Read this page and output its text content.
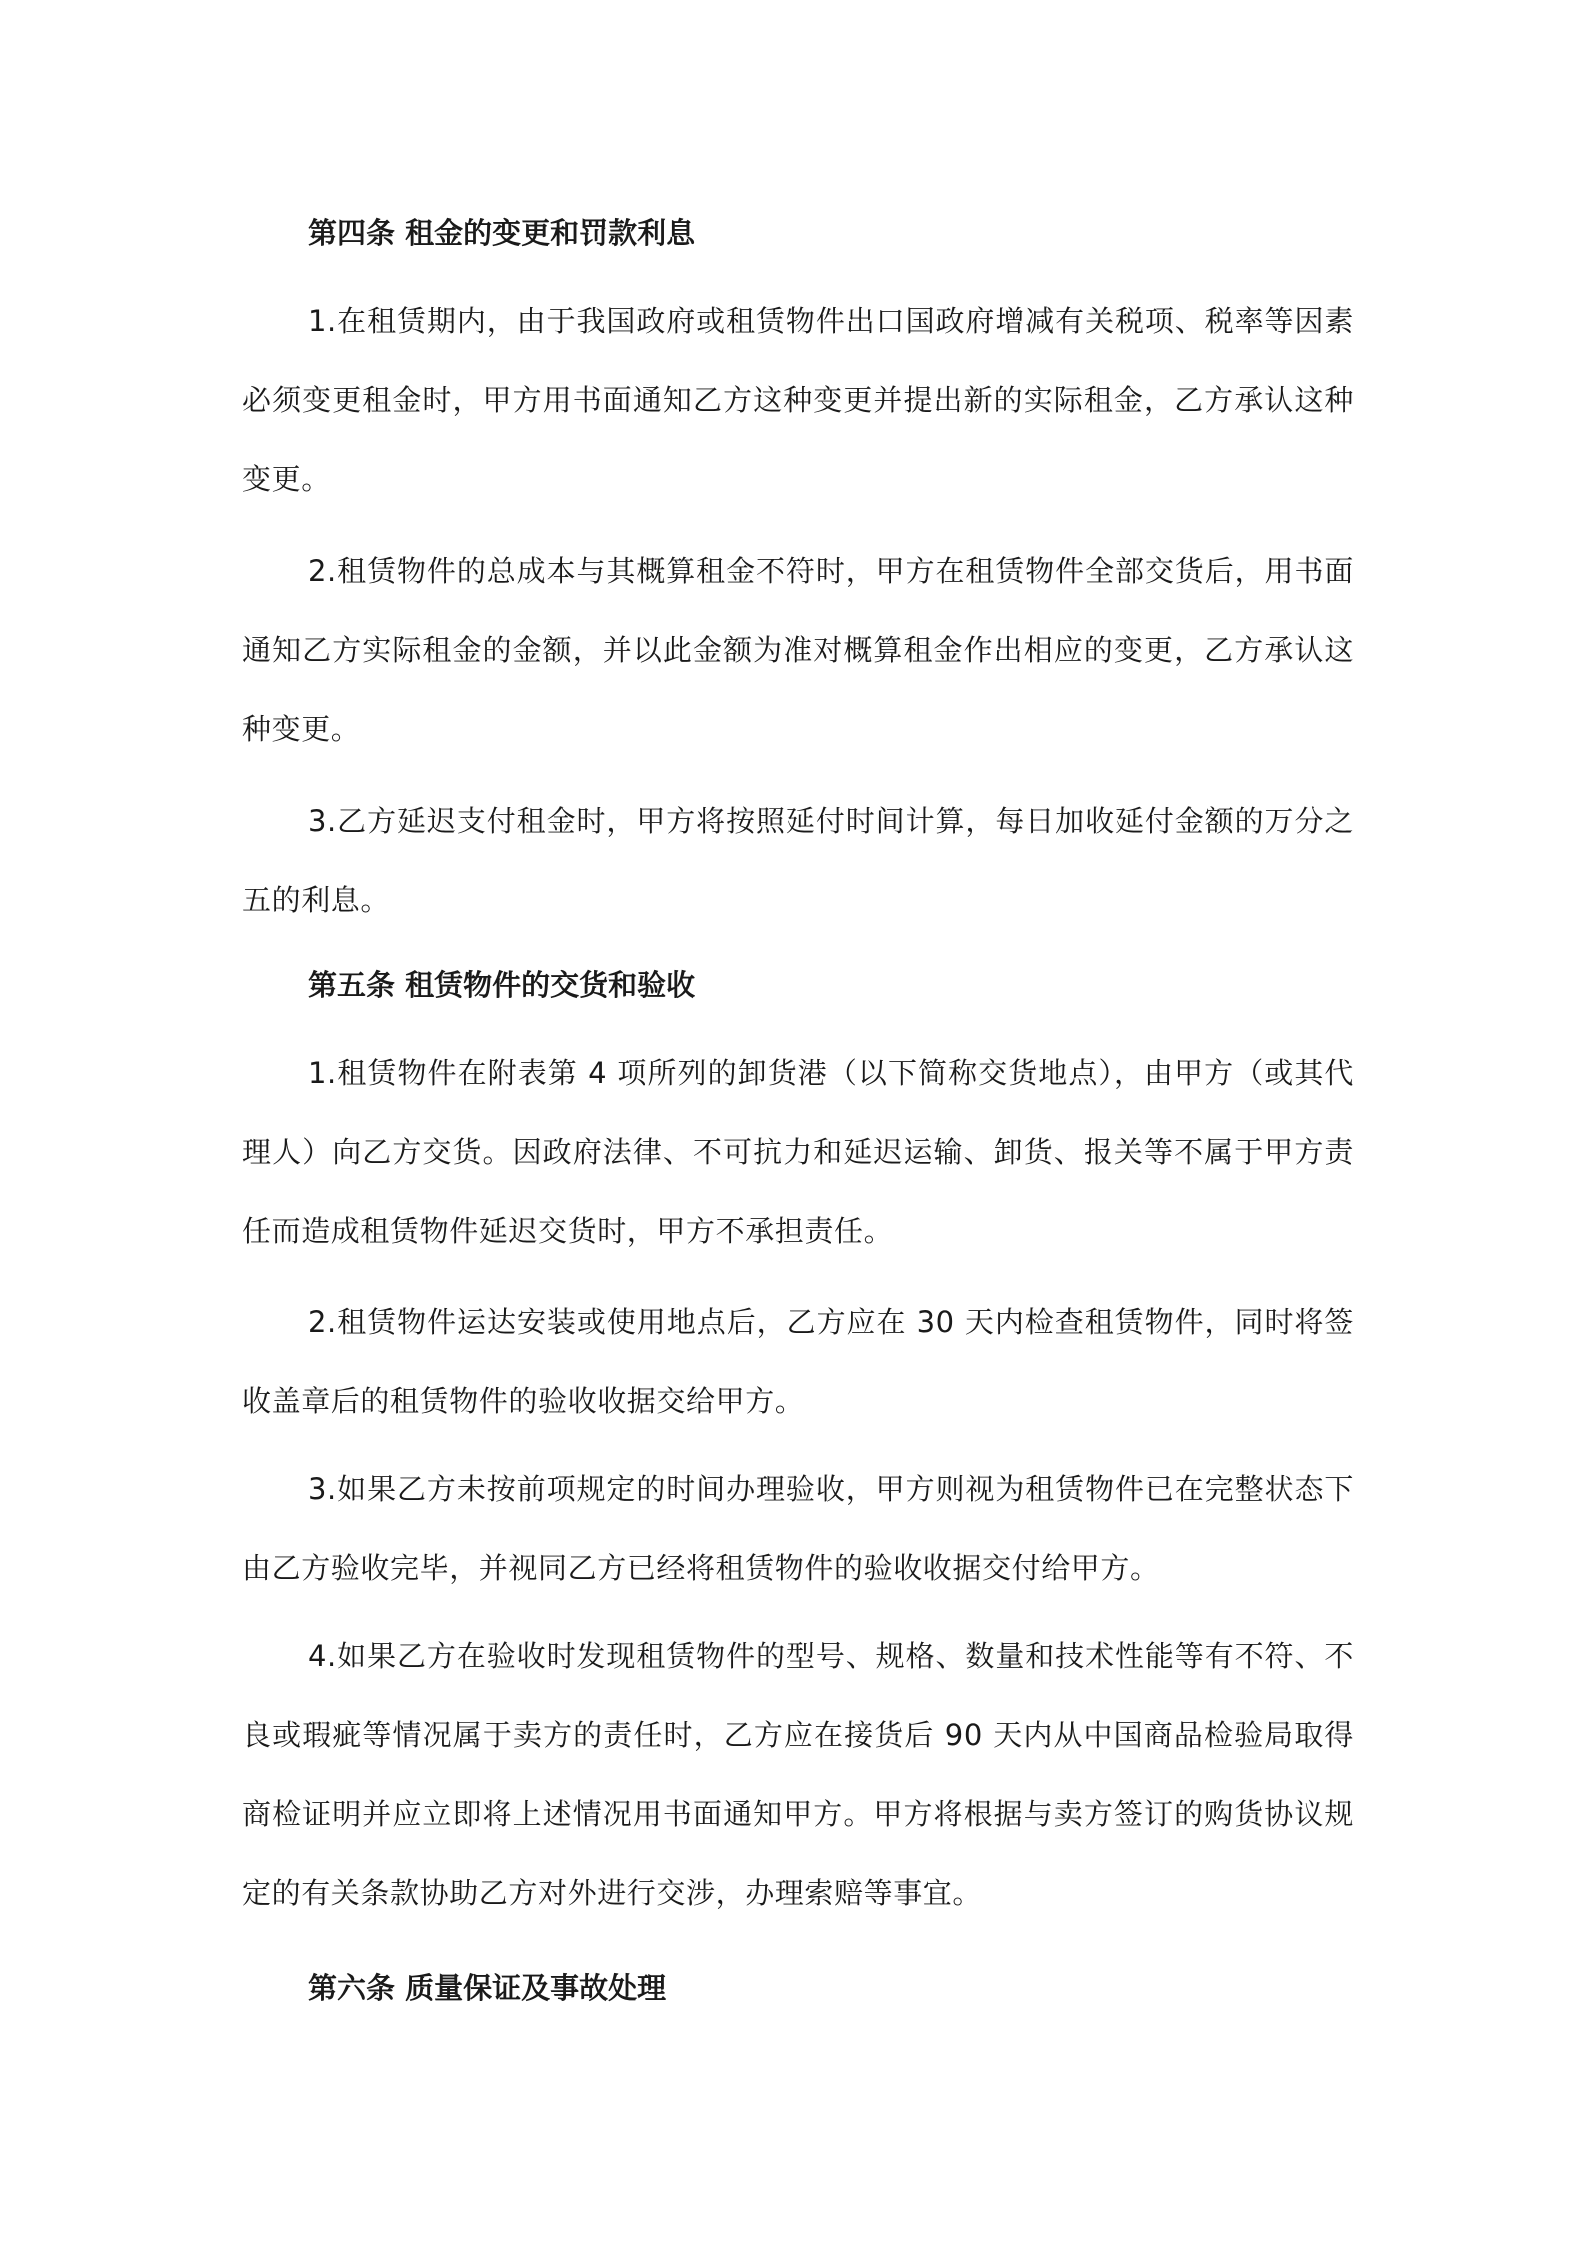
第四条 租金的变更和罚款利息
1.在租赁期内，由于我国政府或租赁物件出口国政府增减有关税项、税率等因素必须变更租金时，甲方用书面通知乙方这种变更并提出新的实际租金，乙方承认这种变更。
2.租赁物件的总成本与其概算租金不符时，甲方在租赁物件全部交货后，用书面通知乙方实际租金的金额，并以此金额为准对概算租金作出相应的变更，乙方承认这种变更。
3.乙方延迟支付租金时，甲方将按照延付时间计算，每日加收延付金额的万分之五的利息。
第五条 租赁物件的交货和验收
1.租赁物件在附表第 4 项所列的卸货港（以下简称交货地点），由甲方（或其代理人）向乙方交货。因政府法律、不可抗力和延迟运输、卸货、报关等不属于甲方责任而造成租赁物件延迟交货时，甲方不承担责任。
2.租赁物件运达安装或使用地点后，乙方应在 30 天内检查租赁物件，同时将签收盖章后的租赁物件的验收收据交给甲方。
3.如果乙方未按前项规定的时间办理验收，甲方则视为租赁物件已在完整状态下由乙方验收完毕，并视同乙方已经将租赁物件的验收收据交付给甲方。
4.如果乙方在验收时发现租赁物件的型号、规格、数量和技术性能等有不符、不良或瑕疵等情况属于卖方的责任时，乙方应在接货后 90 天内从中国商品检验局取得商检证明并应立即将上述情况用书面通知甲方。甲方将根据与卖方签订的购货协议规定的有关条款协助乙方对外进行交涉，办理索赔等事宜。
第六条 质量保证及事故处理
